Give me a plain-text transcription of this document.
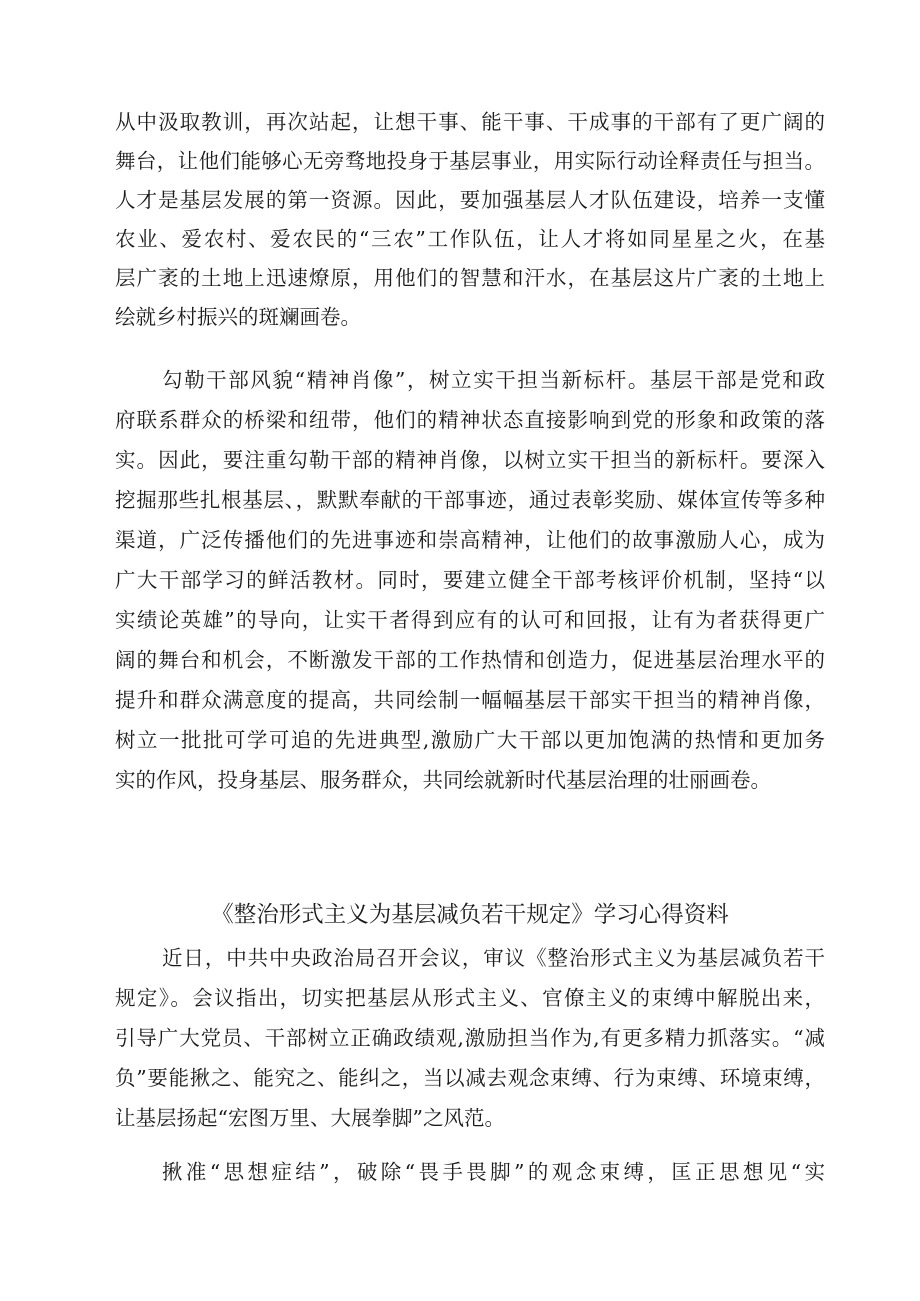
从中汲取教训，再次站起，让想干事、能干事、干成事的干部有了更广阔的
舞台，让他们能够心无旁骛地投身于基层事业，用实际行动诠释责任与担当。
人才是基层发展的第一资源。因此，要加强基层人才队伍建设，培养一支懂
农业、爱农村、爱农民的“三农”工作队伍，让人才将如同星星之火，在基
层广袤的土地上迅速燎原，用他们的智慧和汗水，在基层这片广袤的土地上
绘就乡村振兴的斑斓画卷。
勾勒干部风貌“精神肖像”，树立实干担当新标杆。基层干部是党和政
府联系群众的桥梁和纽带，他们的精神状态直接影响到党的形象和政策的落
实。因此，要注重勾勒干部的精神肖像，以树立实干担当的新标杆。要深入
挖掘那些扎根基层、，默默奉献的干部事迹，通过表彰奖励、媒体宣传等多种
渠道，广泛传播他们的先进事迹和崇高精神，让他们的故事激励人心，成为
广大干部学习的鲜活教材。同时，要建立健全干部考核评价机制，坚持“以
实绩论英雄”的导向，让实干者得到应有的认可和回报，让有为者获得更广
阔的舞台和机会，不断激发干部的工作热情和创造力，促进基层治理水平的
提升和群众满意度的提高，共同绘制一幅幅基层干部实干担当的精神肖像，
树立一批批可学可追的先进典型,激励广大干部以更加饱满的热情和更加务
实的作风，投身基层、服务群众，共同绘就新时代基层治理的壮丽画卷。
《整治形式主义为基层减负若干规定》学习心得资料
近日，中共中央政治局召开会议，审议《整治形式主义为基层减负若干
规定》。会议指出，切实把基层从形式主义、官僚主义的束缚中解脱出来，
引导广大党员、干部树立正确政绩观,激励担当作为,有更多精力抓落实。“减
负”要能揪之、能究之、能纠之，当以减去观念束缚、行为束缚、环境束缚，
让基层扬起“宏图万里、大展拳脚”之风范。
揪准“思想症结”，破除“畏手畏脚”的观念束缚，匡正思想见“实
